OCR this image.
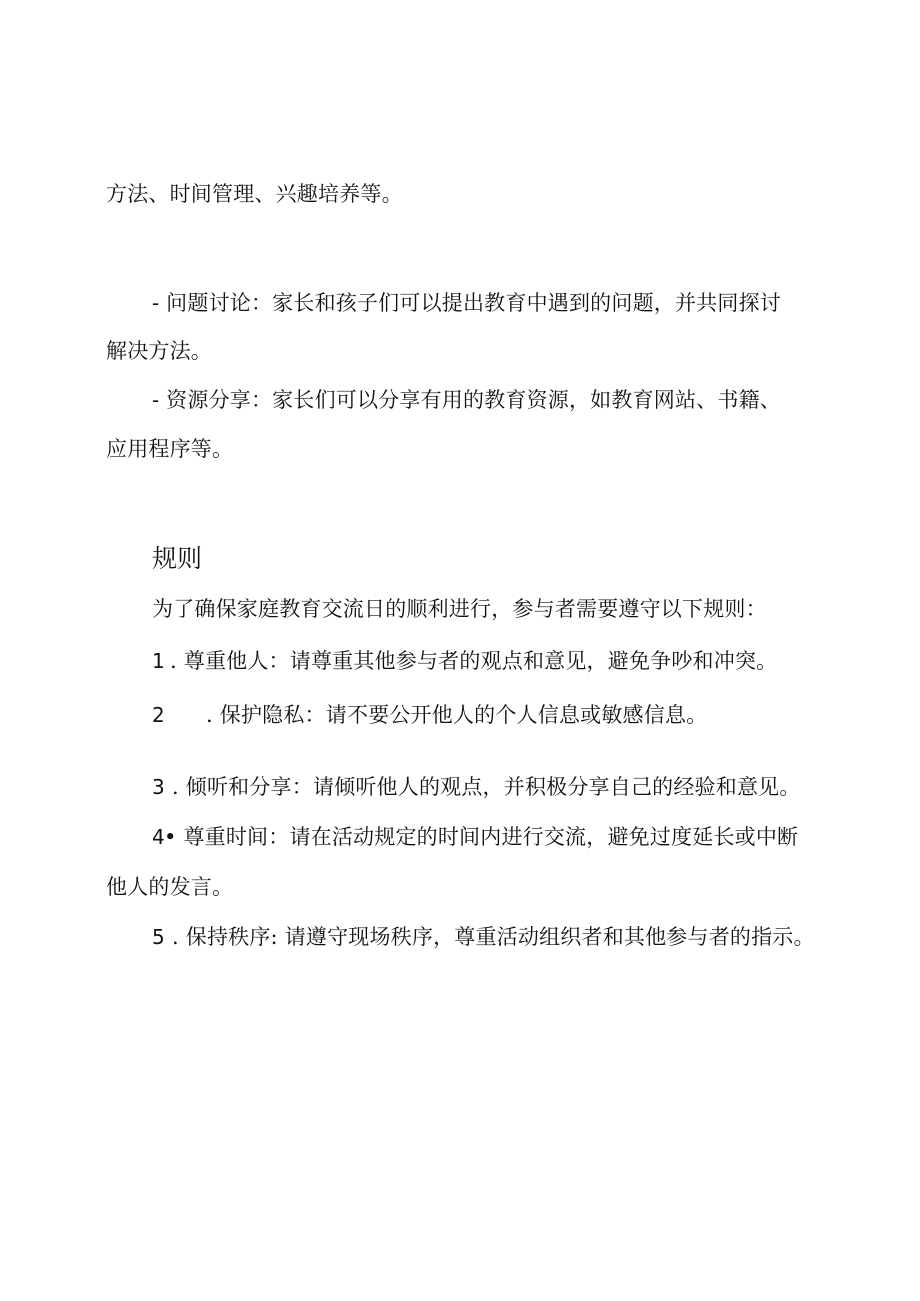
方法、时间管理、兴趣培养等。
- 问题讨论：家长和孩子们可以提出教育中遇到的问题，并共同探讨
解决方法。
- 资源分享：家长们可以分享有用的教育资源，如教育网站、书籍、
应用程序等。
规则
为了确保家庭教育交流日的顺利进行，参与者需要遵守以下规则：
1 . 尊重他人：请尊重其他参与者的观点和意见，避免争吵和冲突。
2 . 保护隐私：请不要公开他人的个人信息或敏感信息。
3 . 倾听和分享：请倾听他人的观点，并积极分享自己的经验和意见。
4 • 尊重时间：请在活动规定的时间内进行交流，避免过度延长或中断
他人的发言。
5 . 保持秩序: 请遵守现场秩序，尊重活动组织者和其他参与者的指示。
